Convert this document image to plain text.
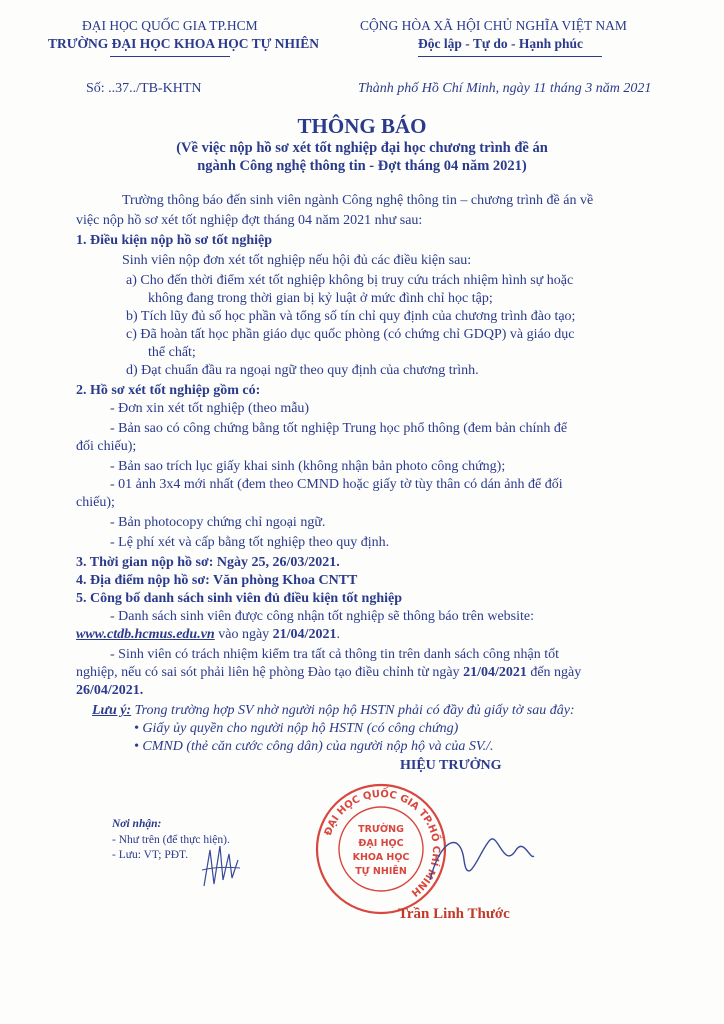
ĐẠI HỌC QUỐC GIA TP.HCM
TRƯỜNG ĐẠI HỌC KHOA HỌC TỰ NHIÊN
CỘNG HÒA XÃ HỘI CHỦ NGHĨA VIỆT NAM
Độc lập - Tự do - Hạnh phúc
Số: ..37../TB-KHTN	Thành phố Hồ Chí Minh, ngày 11 tháng 3 năm 2021
THÔNG BÁO
(Về việc nộp hồ sơ xét tốt nghiệp đại học chương trình đề án
ngành Công nghệ thông tin - Đợt tháng 04 năm 2021)
Trường thông báo đến sinh viên ngành Công nghệ thông tin – chương trình đề án về
việc nộp hồ sơ xét tốt nghiệp đợt tháng 04 năm 2021 như sau:
1. Điều kiện nộp hồ sơ tốt nghiệp
Sinh viên nộp đơn xét tốt nghiệp nếu hội đủ các điều kiện sau:
a) Cho đến thời điểm xét tốt nghiệp không bị truy cứu trách nhiệm hình sự hoặc
không đang trong thời gian bị kỷ luật ở mức đình chỉ học tập;
b) Tích lũy đủ số học phần và tổng số tín chỉ quy định của chương trình đào tạo;
c) Đã hoàn tất học phần giáo dục quốc phòng (có chứng chỉ GDQP) và giáo dục
thể chất;
d) Đạt chuẩn đầu ra ngoại ngữ theo quy định của chương trình.
2. Hồ sơ xét tốt nghiệp gồm có:
- Đơn xin xét tốt nghiệp (theo mẫu)
- Bản sao có công chứng bằng tốt nghiệp Trung học phổ thông (đem bản chính để
đối chiếu);
- Bản sao trích lục giấy khai sinh (không nhận bản photo công chứng);
- 01 ảnh 3x4 mới nhất (đem theo CMND hoặc giấy tờ tùy thân có dán ảnh để đối
chiếu);
- Bản photocopy chứng chỉ ngoại ngữ.
- Lệ phí xét và cấp bằng tốt nghiệp theo quy định.
3. Thời gian nộp hồ sơ: Ngày 25, 26/03/2021.
4. Địa điểm nộp hồ sơ: Văn phòng Khoa CNTT
5. Công bố danh sách sinh viên đủ điều kiện tốt nghiệp
- Danh sách sinh viên được công nhận tốt nghiệp sẽ thông báo trên website:
www.ctdb.hcmus.edu.vn vào ngày 21/04/2021.
- Sinh viên có trách nhiệm kiểm tra tất cả thông tin trên danh sách công nhận tốt
nghiệp, nếu có sai sót phải liên hệ phòng Đào tạo điều chỉnh từ ngày 21/04/2021 đến ngày
26/04/2021.
Lưu ý: Trong trường hợp SV nhờ người nộp hộ HSTN phải có đầy đủ giấy tờ sau đây:
• Giấy ủy quyền cho người nộp hộ HSTN (có công chứng)
• CMND (thẻ căn cước công dân) của người nộp hộ và của SV./.
HIỆU TRƯỞNG
Nơi nhận:
- Như trên (để thực hiện).
- Lưu: VT; PĐT.
ĐẠI HỌC QUỐC GIA TP.HỒ CHÍ MINH
TRƯỜNG
ĐẠI HỌC
KHOA HỌC
TỰ NHIÊN
Trần Linh Thước
